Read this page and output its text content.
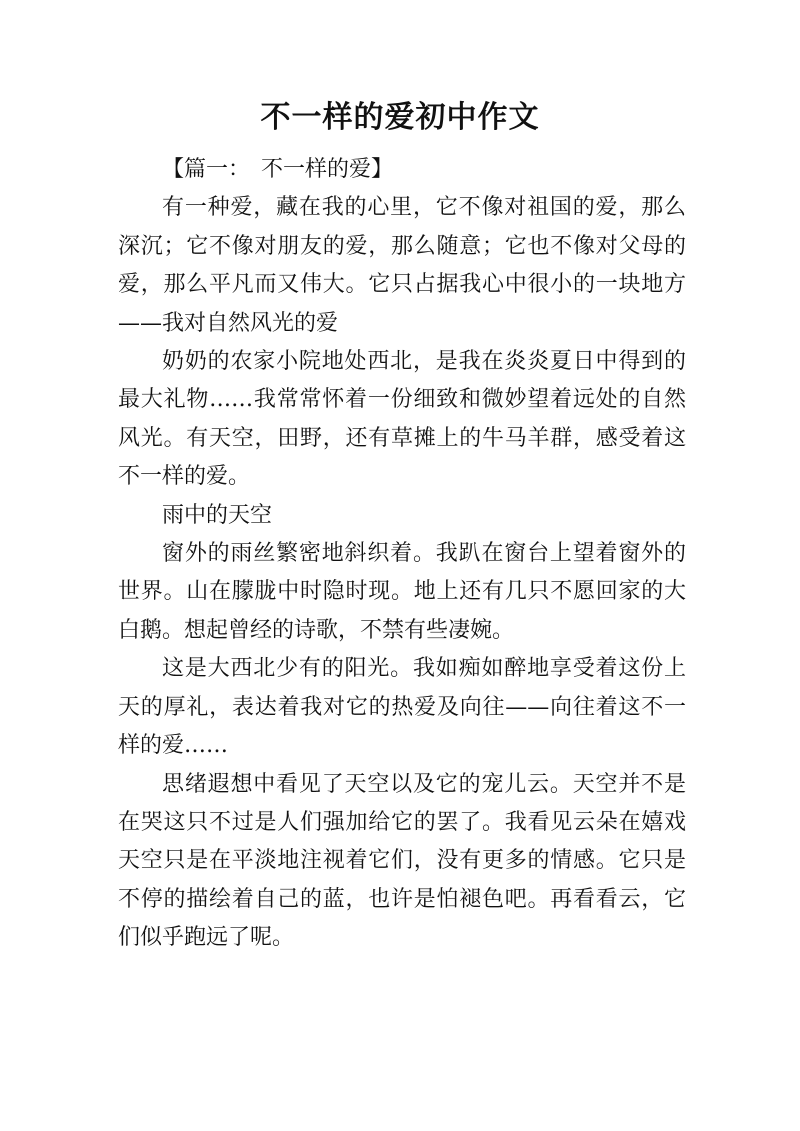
不一样的爱初中作文

【篇一：　不一样的爱】

有一种爱，藏在我的心里，它不像对祖国的爱，那么深沉；它不像对朋友的爱，那么随意；它也不像对父母的爱，那么平凡而又伟大。它只占据我心中很小的一块地方——我对自然风光的爱

奶奶的农家小院地处西北，是我在炎炎夏日中得到的最大礼物……我常常怀着一份细致和微妙望着远处的自然风光。有天空，田野，还有草摊上的牛马羊群，感受着这不一样的爱。

雨中的天空

窗外的雨丝繁密地斜织着。我趴在窗台上望着窗外的世界。山在朦胧中时隐时现。地上还有几只不愿回家的大白鹅。想起曾经的诗歌，不禁有些凄婉。

这是大西北少有的阳光。我如痴如醉地享受着这份上天的厚礼，表达着我对它的热爱及向往——向往着这不一样的爱……

思绪遐想中看见了天空以及它的宠儿云。天空并不是在哭这只不过是人们强加给它的罢了。我看见云朵在嬉戏天空只是在平淡地注视着它们，没有更多的情感。它只是不停的描绘着自己的蓝，也许是怕褪色吧。再看看云，它们似乎跑远了呢。
